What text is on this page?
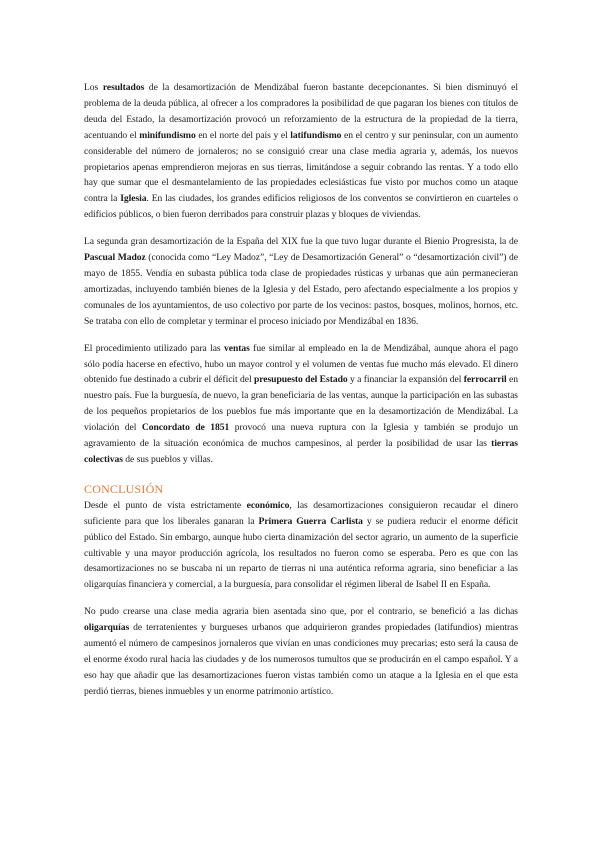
Los resultados de la desamortización de Mendizábal fueron bastante decepcionantes. Si bien disminuyó el problema de la deuda pública, al ofrecer a los compradores la posibilidad de que pagaran los bienes con títulos de deuda del Estado, la desamortización provocó un reforzamiento de la estructura de la propiedad de la tierra, acentuando el minifundismo en el norte del país y el latifundismo en el centro y sur peninsular, con un aumento considerable del número de jornaleros; no se consiguió crear una clase media agraria y, además, los nuevos propietarios apenas emprendieron mejoras en sus tierras, limitándose a seguir cobrando las rentas. Y a todo ello hay que sumar que el desmantelamiento de las propiedades eclesiásticas fue visto por muchos como un ataque contra la Iglesia. En las ciudades, los grandes edificios religiosos de los conventos se convirtieron en cuarteles o edificios públicos, o bien fueron derribados para construir plazas y bloques de viviendas.

La segunda gran desamortización de la España del XIX fue la que tuvo lugar durante el Bienio Progresista, la de Pascual Madoz (conocida como “Ley Madoz”, “Ley de Desamortización General” o “desamortización civil”) de mayo de 1855. Vendía en subasta pública toda clase de propiedades rústicas y urbanas que aún permanecieran amortizadas, incluyendo también bienes de la Iglesia y del Estado, pero afectando especialmente a los propios y comunales de los ayuntamientos, de uso colectivo por parte de los vecinos: pastos, bosques, molinos, hornos, etc. Se trataba con ello de completar y terminar el proceso iniciado por Mendizábal en 1836.

El procedimiento utilizado para las ventas fue similar al empleado en la de Mendizábal, aunque ahora el pago sólo podía hacerse en efectivo, hubo un mayor control y el volumen de ventas fue mucho más elevado. El dinero obtenido fue destinado a cubrir el déficit del presupuesto del Estado y a financiar la expansión del ferrocarril en nuestro país. Fue la burguesía, de nuevo, la gran beneficiaria de las ventas, aunque la participación en las subastas de los pequeños propietarios de los pueblos fue más importante que en la desamortización de Mendizábal. La violación del Concordato de 1851 provocó una nueva ruptura con la Iglesia y también se produjo un agravamiento de la situación económica de muchos campesinos, al perder la posibilidad de usar las tierras colectivas de sus pueblos y villas.

CONCLUSIÓN

Desde el punto de vista estrictamente económico, las desamortizaciones consiguieron recaudar el dinero suficiente para que los liberales ganaran la Primera Guerra Carlista y se pudiera reducir el enorme déficit público del Estado. Sin embargo, aunque hubo cierta dinamización del sector agrario, un aumento de la superficie cultivable y una mayor producción agrícola, los resultados no fueron como se esperaba. Pero es que con las desamortizaciones no se buscaba ni un reparto de tierras ni una auténtica reforma agraria, sino beneficiar a las oligarquías financiera y comercial, a la burguesía, para consolidar el régimen liberal de Isabel II en España.

No pudo crearse una clase media agraria bien asentada sino que, por el contrario, se benefició a las dichas oligarquías de terratenientes y burgueses urbanos que adquirieron grandes propiedades (latifundios) mientras aumentó el número de campesinos jornaleros que vivían en unas condiciones muy precarias; esto será la causa de el enorme éxodo rural hacia las ciudades y de los numerosos tumultos que se producirán en el campo español. Y a eso hay que añadir que las desamortizaciones fueron vistas también como un ataque a la Iglesia en el que esta perdió tierras, bienes inmuebles y un enorme patrimonio artístico.
